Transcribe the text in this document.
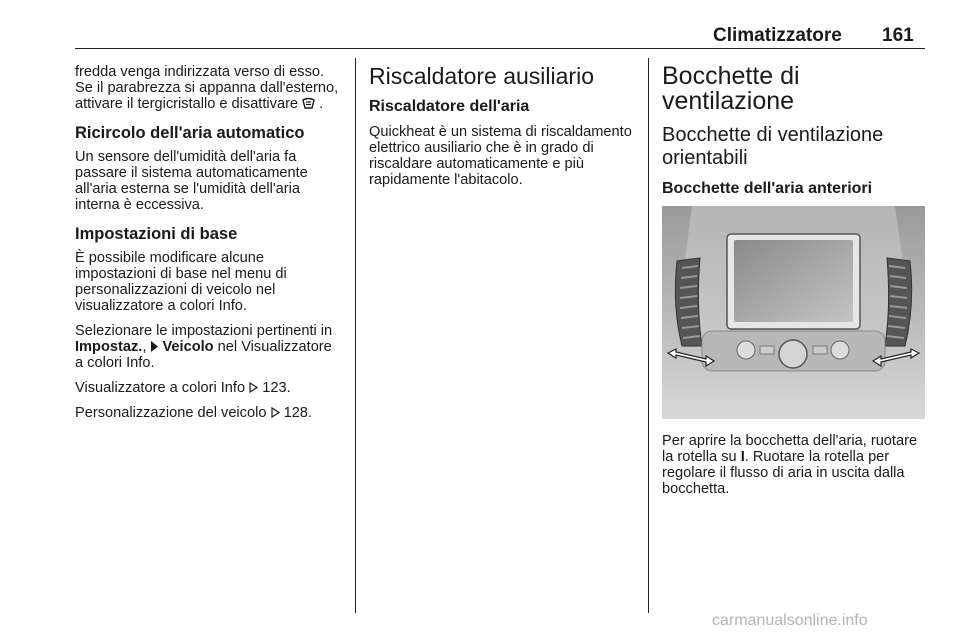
Climatizzatore 161

fredda venga indirizzata verso di esso. Se il parabrezza si appanna dall'esterno, attivare il tergicristallo e disattivare .

Ricircolo dell'aria automatico

Un sensore dell'umidità dell'aria fa passare il sistema automaticamente all'aria esterna se l'umidità dell'aria interna è eccessiva.

Impostazioni di base

È possibile modificare alcune impostazioni di base nel menu di personalizzazioni di veicolo nel visualizzatore a colori Info.

Selezionare le impostazioni pertinenti in Impostaz., Veicolo nel Visualizzatore a colori Info.

Visualizzatore a colori Info 123.

Personalizzazione del veicolo 128.

Riscaldatore ausiliario
Riscaldatore dell'aria

Quickheat è un sistema di riscaldamento elettrico ausiliario che è in grado di riscaldare automaticamente e più rapidamente l'abitacolo.

Bocchette di ventilazione
Bocchette di ventilazione orientabili
Bocchette dell'aria anteriori

Per aprire la bocchetta dell'aria, ruotare la rotella su I. Ruotare la rotella per regolare il flusso di aria in uscita dalla bocchetta.

carmanualsonline.info
